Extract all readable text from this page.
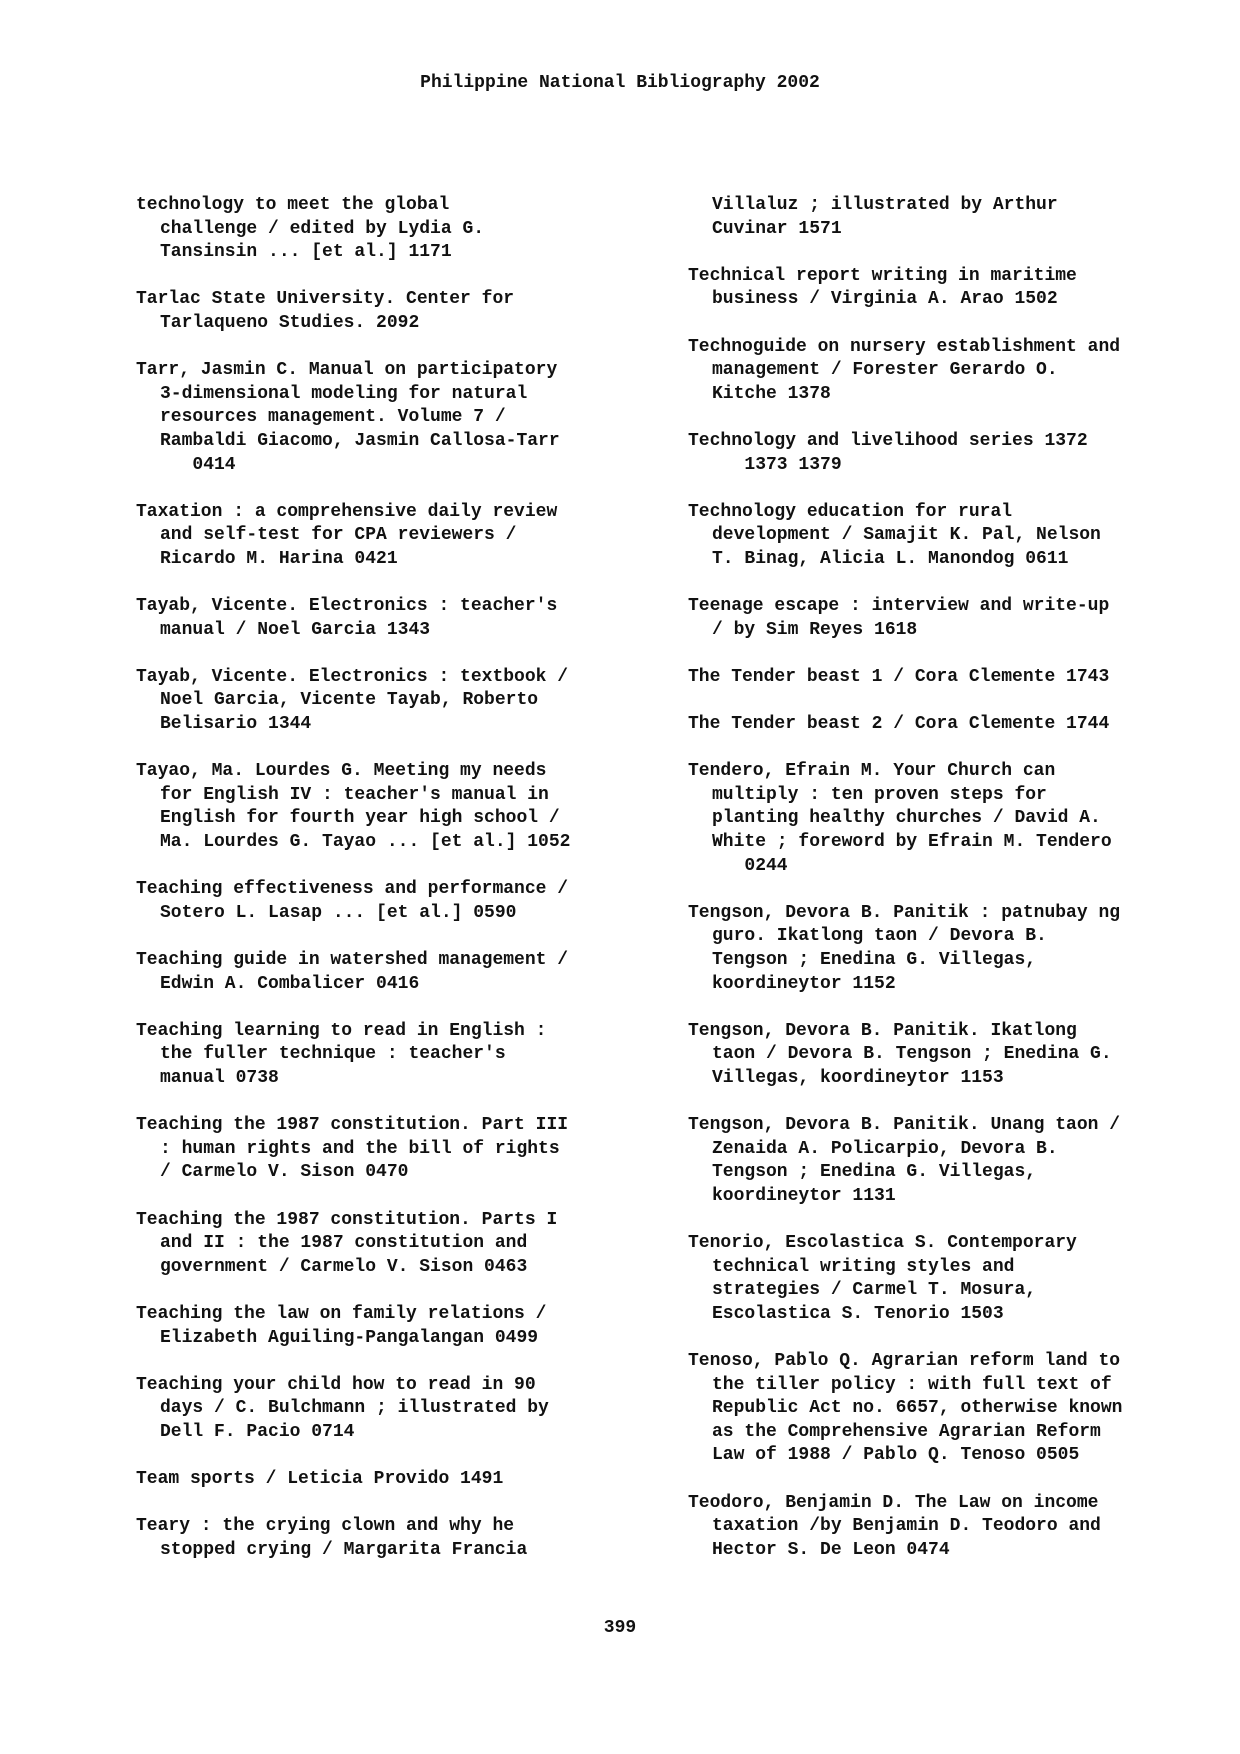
Philippine National Bibliography 2002

technology to meet the global
challenge / edited by Lydia G.
Tansinsin ... [et al.] 1171

Tarlac State University. Center for
Tarlaqueno Studies. 2092

Tarr, Jasmin C. Manual on participatory
3-dimensional modeling for natural
resources management. Volume 7 /
Rambaldi Giacomo, Jasmin Callosa-Tarr
0414

Taxation : a comprehensive daily review
and self-test for CPA reviewers /
Ricardo M. Harina 0421

Tayab, Vicente. Electronics : teacher's
manual / Noel Garcia 1343

Tayab, Vicente. Electronics : textbook /
Noel Garcia, Vicente Tayab, Roberto
Belisario 1344

Tayao, Ma. Lourdes G. Meeting my needs
for English IV : teacher's manual in
English for fourth year high school /
Ma. Lourdes G. Tayao ... [et al.] 1052

Teaching effectiveness and performance /
Sotero L. Lasap ... [et al.] 0590

Teaching guide in watershed management /
Edwin A. Combalicer 0416

Teaching learning to read in English :
the fuller technique : teacher's
manual 0738

Teaching the 1987 constitution. Part III
: human rights and the bill of rights
/ Carmelo V. Sison 0470

Teaching the 1987 constitution. Parts I
and II : the 1987 constitution and
government / Carmelo V. Sison 0463

Teaching the law on family relations /
Elizabeth Aguiling-Pangalangan 0499

Teaching your child how to read in 90
days / C. Bulchmann ; illustrated by
Dell F. Pacio 0714

Team sports / Leticia Provido 1491

Teary : the crying clown and why he
stopped crying / Margarita Francia

Villaluz ; illustrated by Arthur
Cuvinar 1571

Technical report writing in maritime
business / Virginia A. Arao 1502

Technoguide on nursery establishment and
management / Forester Gerardo O.
Kitche 1378

Technology and livelihood series 1372
1373 1379

Technology education for rural
development / Samajit K. Pal, Nelson
T. Binag, Alicia L. Manondog 0611

Teenage escape : interview and write-up
/ by Sim Reyes 1618

The Tender beast 1 / Cora Clemente 1743

The Tender beast 2 / Cora Clemente 1744

Tendero, Efrain M. Your Church can
multiply : ten proven steps for
planting healthy churches / David A.
White ; foreword by Efrain M. Tendero
0244

Tengson, Devora B. Panitik : patnubay ng
guro. Ikatlong taon / Devora B.
Tengson ; Enedina G. Villegas,
koordineytor 1152

Tengson, Devora B. Panitik. Ikatlong
taon / Devora B. Tengson ; Enedina G.
Villegas, koordineytor 1153

Tengson, Devora B. Panitik. Unang taon /
Zenaida A. Policarpio, Devora B.
Tengson ; Enedina G. Villegas,
koordineytor 1131

Tenorio, Escolastica S. Contemporary
technical writing styles and
strategies / Carmel T. Mosura,
Escolastica S. Tenorio 1503

Tenoso, Pablo Q. Agrarian reform land to
the tiller policy : with full text of
Republic Act no. 6657, otherwise known
as the Comprehensive Agrarian Reform
Law of 1988 / Pablo Q. Tenoso 0505

Teodoro, Benjamin D. The Law on income
taxation /by Benjamin D. Teodoro and
Hector S. De Leon 0474

399
